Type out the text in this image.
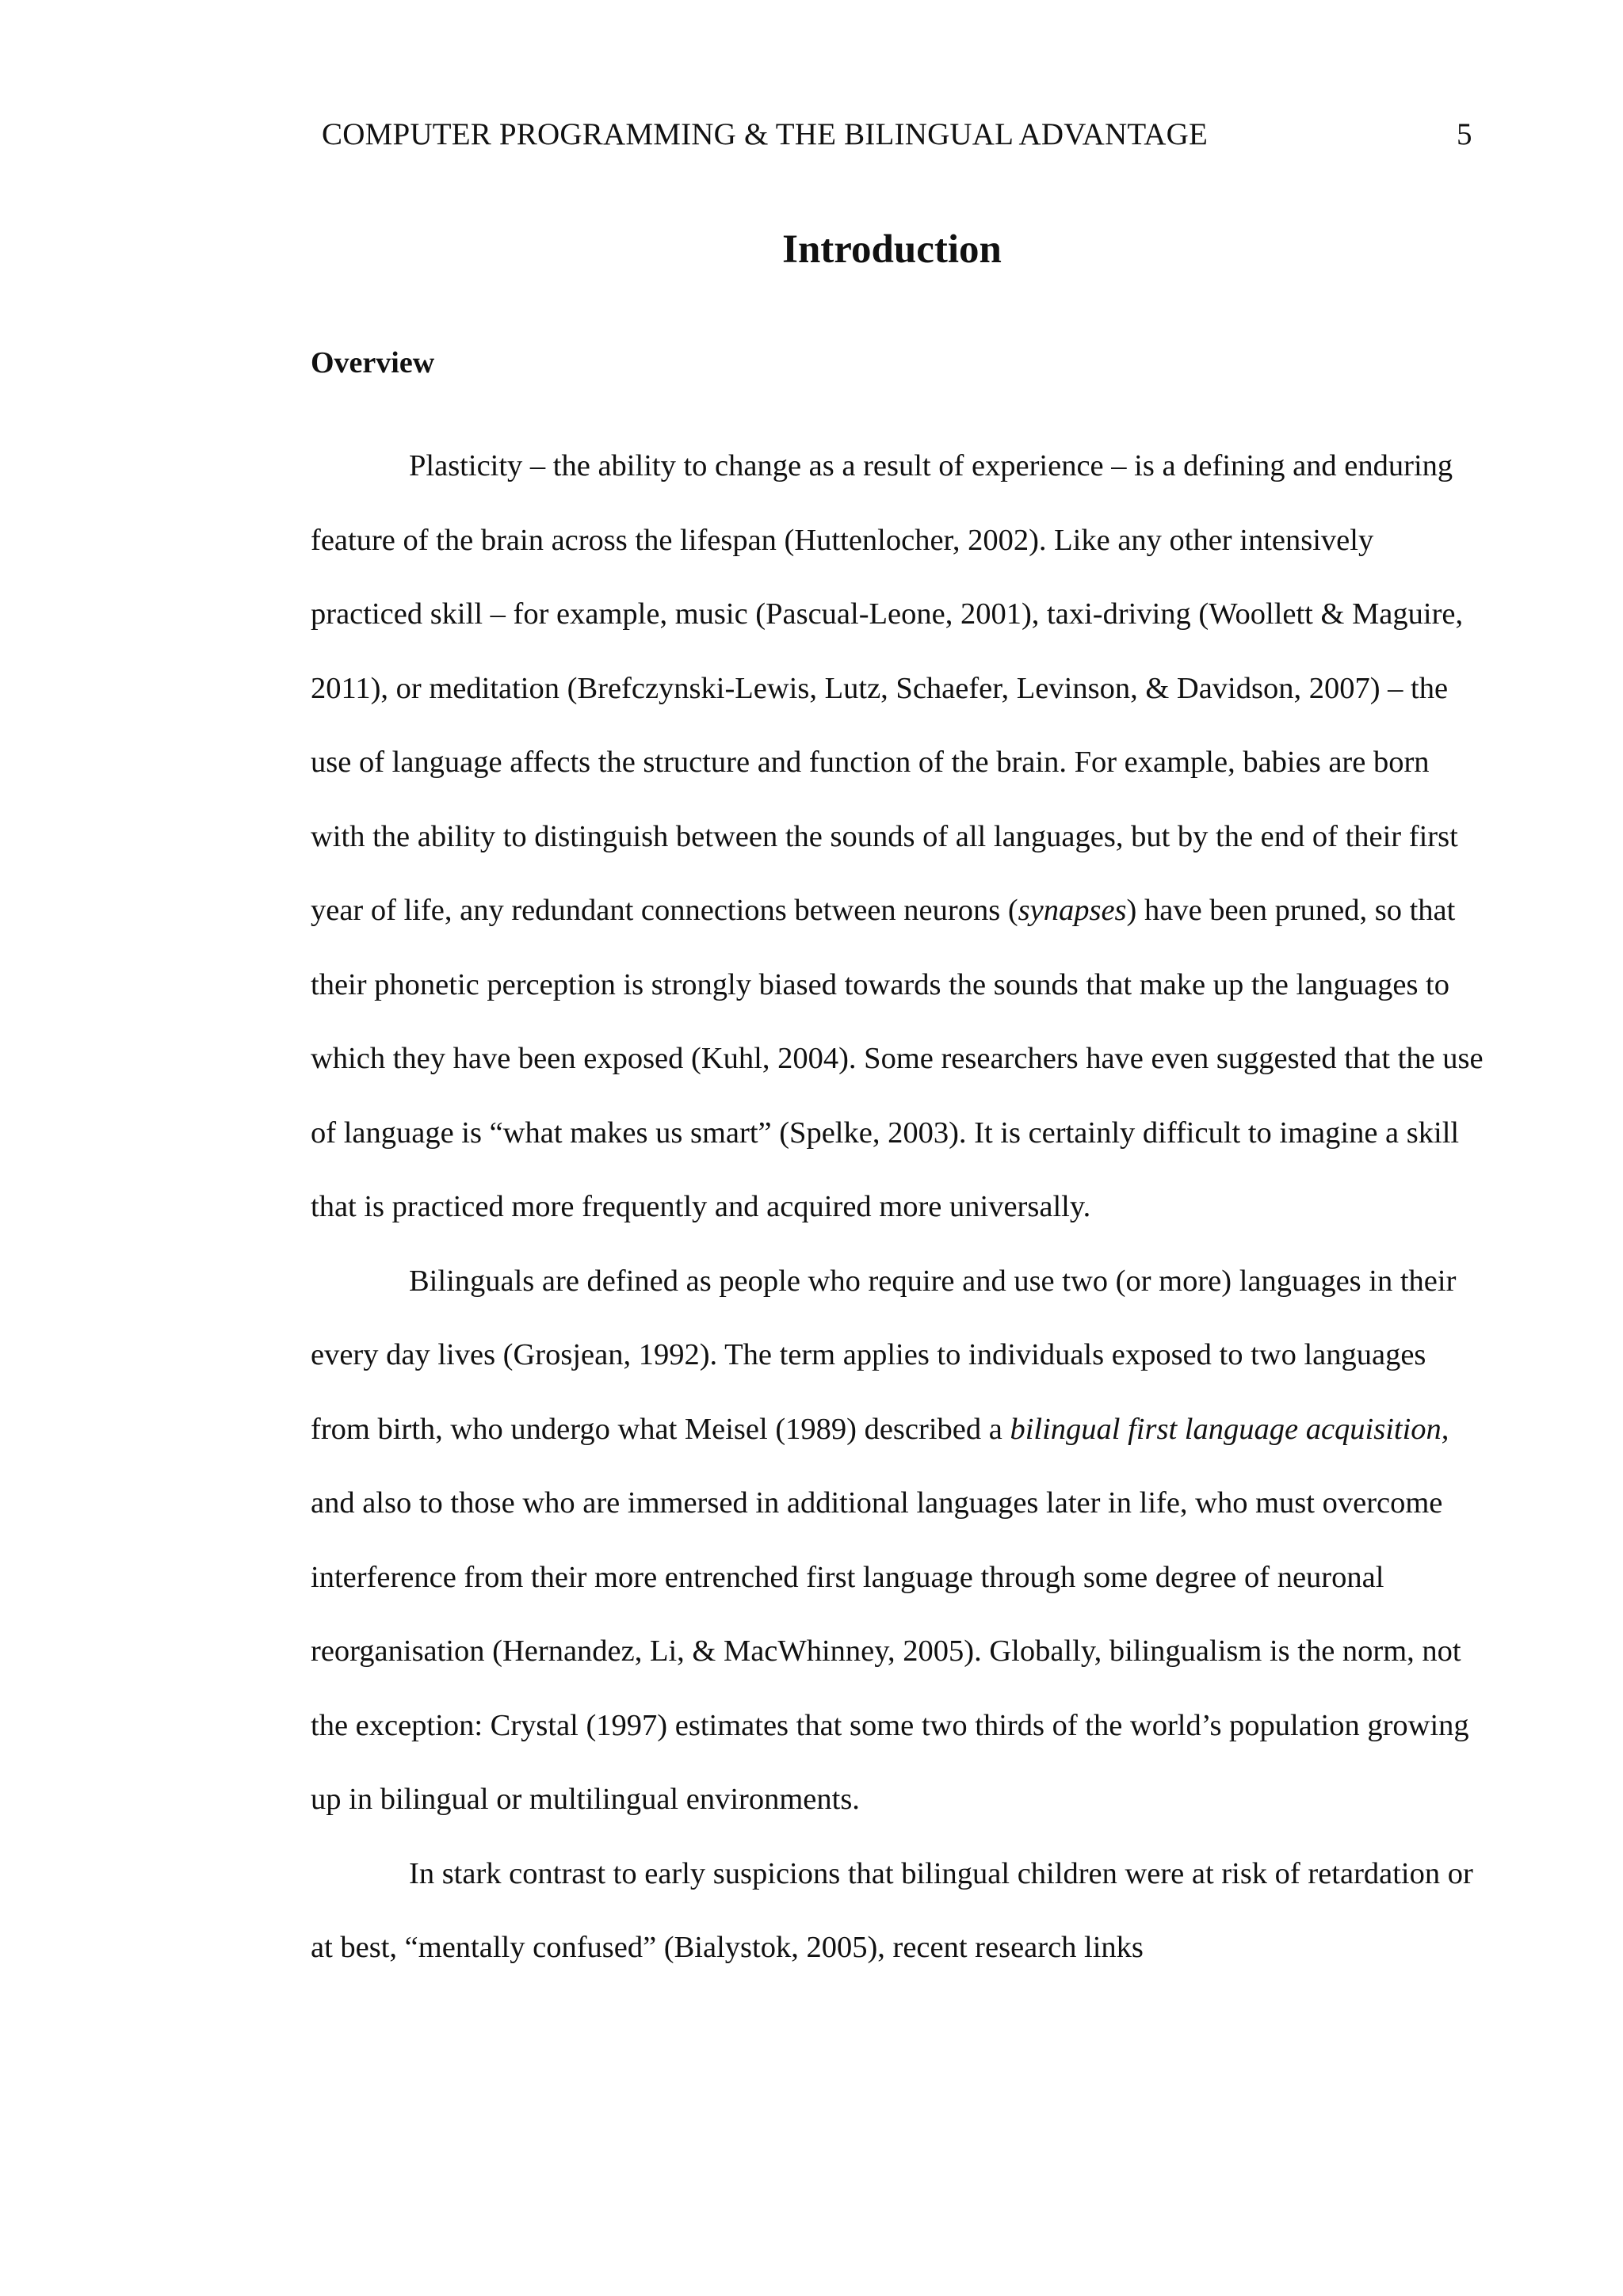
COMPUTER PROGRAMMING & THE BILINGUAL ADVANTAGE	5
Introduction
Overview

Plasticity – the ability to change as a result of experience – is a defining and enduring feature of the brain across the lifespan (Huttenlocher, 2002). Like any other intensively practiced skill – for example, music (Pascual-Leone, 2001), taxi-driving (Woollett & Maguire, 2011), or meditation (Brefczynski-Lewis, Lutz, Schaefer, Levinson, & Davidson, 2007) – the use of language affects the structure and function of the brain. For example, babies are born with the ability to distinguish between the sounds of all languages, but by the end of their first year of life, any redundant connections between neurons (synapses) have been pruned, so that their phonetic perception is strongly biased towards the sounds that make up the languages to which they have been exposed (Kuhl, 2004). Some researchers have even suggested that the use of language is “what makes us smart” (Spelke, 2003). It is certainly difficult to imagine a skill that is practiced more frequently and acquired more universally.

Bilinguals are defined as people who require and use two (or more) languages in their every day lives (Grosjean, 1992). The term applies to individuals exposed to two languages from birth, who undergo what Meisel (1989) described a bilingual first language acquisition, and also to those who are immersed in additional languages later in life, who must overcome interference from their more entrenched first language through some degree of neuronal reorganisation (Hernandez, Li, & MacWhinney, 2005). Globally, bilingualism is the norm, not the exception: Crystal (1997) estimates that some two thirds of the world’s population growing up in bilingual or multilingual environments.

In stark contrast to early suspicions that bilingual children were at risk of retardation or at best, “mentally confused” (Bialystok, 2005), recent research links
